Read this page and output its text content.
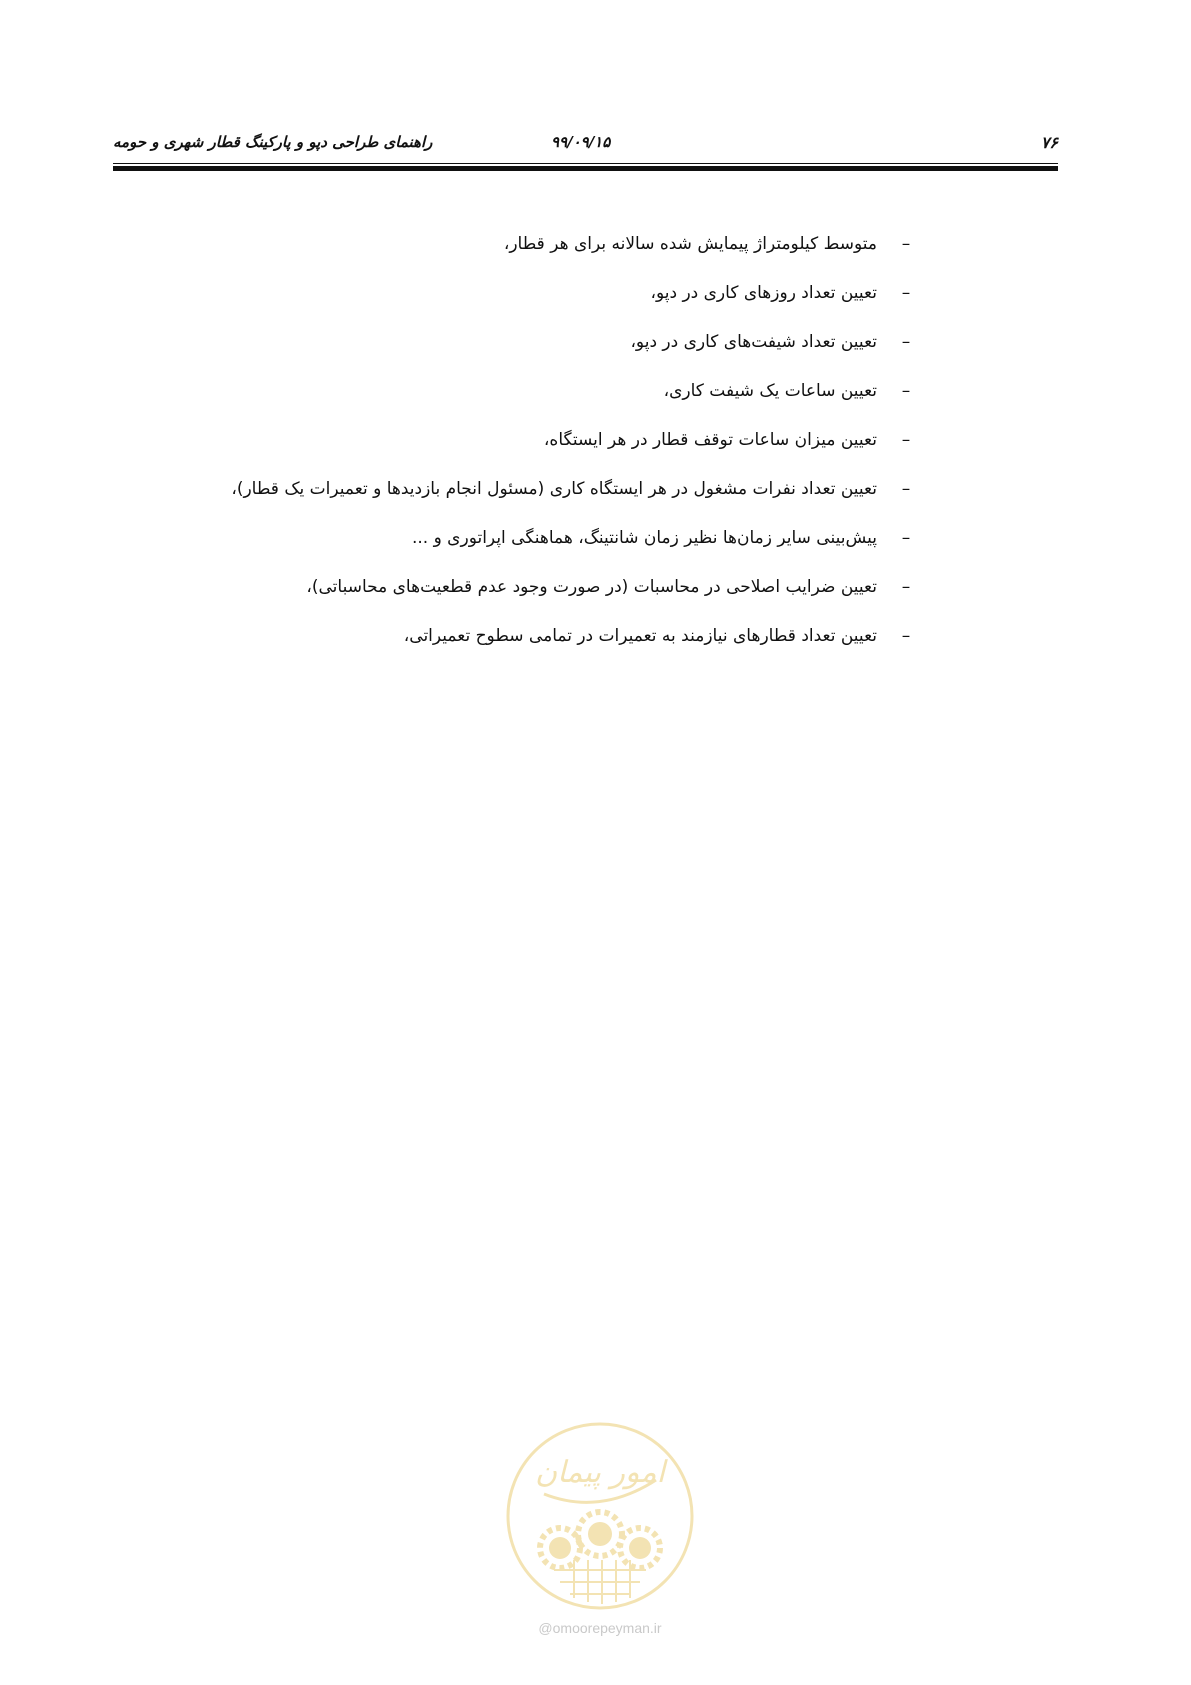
راهنمای طراحی دپو و پارکینگ قطار شهری و حومه	۹۹/۰۹/۱۵	۷۶
–
متوسط کیلومتراژ پیمایش شده سالانه برای هر قطار،
–
تعیین تعداد روزهای کاری در دپو،
–
تعیین تعداد شیفت‌های کاری در دپو،
–
تعیین ساعات یک شیفت کاری،
–
تعیین میزان ساعات توقف قطار در هر ایستگاه،
–
تعیین تعداد نفرات مشغول در هر ایستگاه کاری (مسئول انجام بازدیدها و تعمیرات یک قطار)،
–
پیش‌بینی سایر زمان‌ها نظیر زمان شانتینگ، هماهنگی اپراتوری و ...
–
تعیین ضرایب اصلاحی در محاسبات (در صورت وجود عدم قطعیت‌های محاسباتی)،
–
تعیین تعداد قطارهای نیازمند به تعمیرات در تمامی سطوح تعمیراتی،
امور پیمان
@omoorepeyman.ir
